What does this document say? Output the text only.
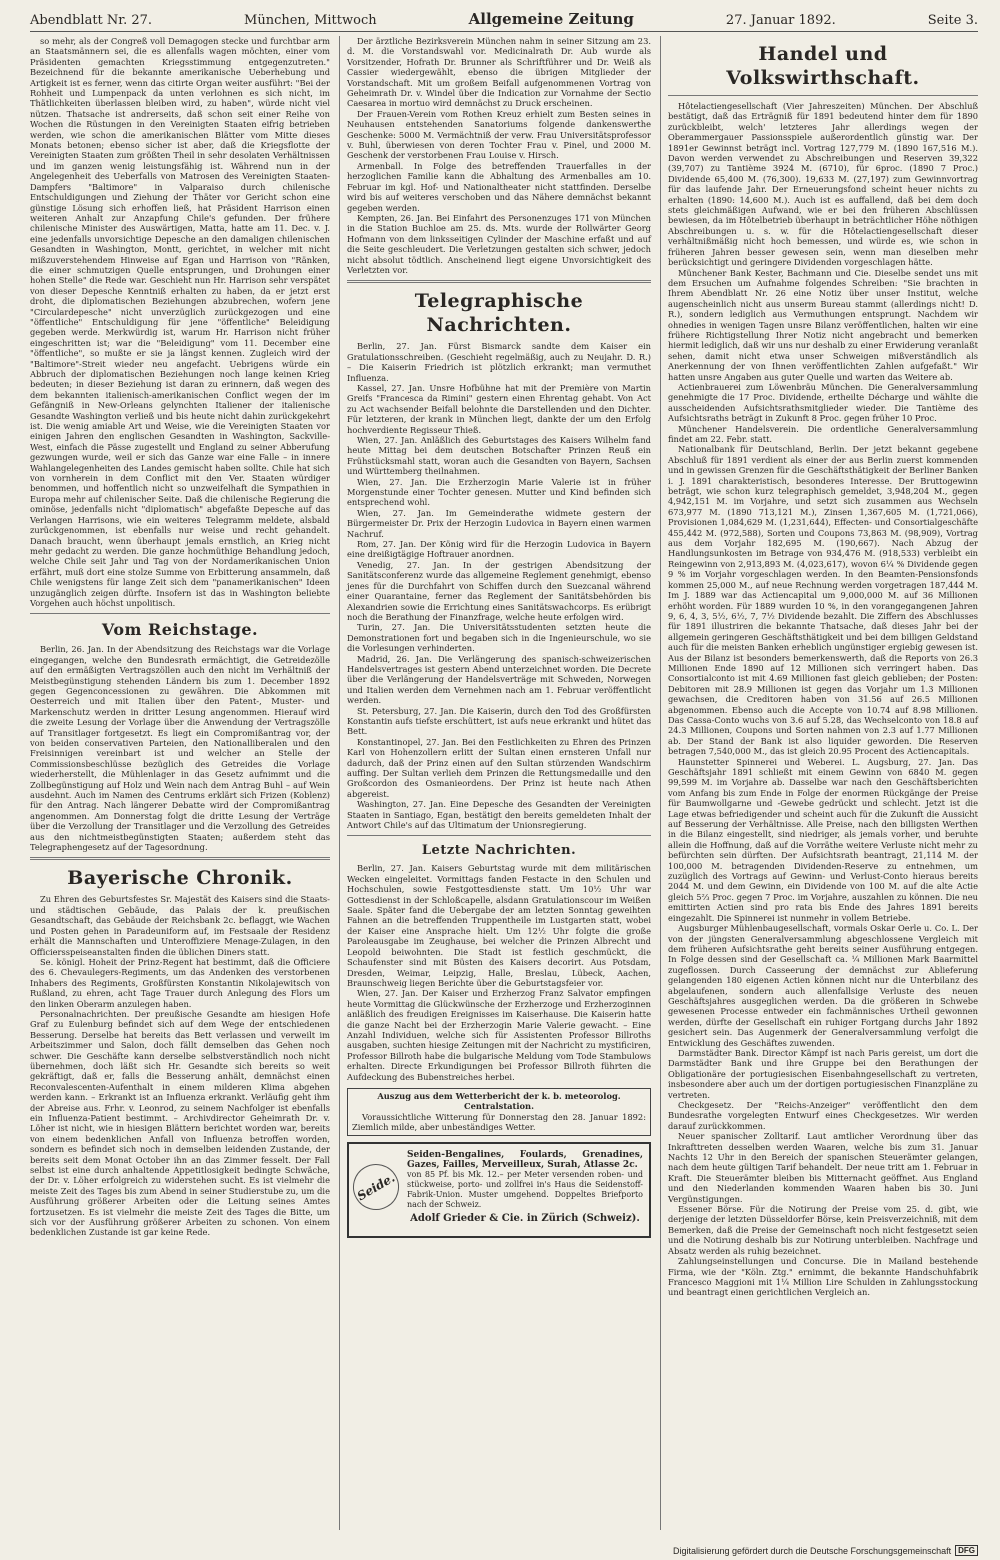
Abendblatt Nr. 27.	München, Mittwoch	Allgemeine Zeitung	27. Januar 1892.	Seite 3.

so mehr, als der Congreß voll Demagogen stecke und furchtbar arm an Staatsmännern sei, die es allenfalls wagen möchten, einer vom Präsidenten gemachten Kriegsstimmung entgegenzutreten." Bezeichnend für die bekannte amerikanische Ueberhebung und Artigkeit ist es ferner, wenn das citirte Organ weiter ausführt: "Bei der Rohheit und Lumpenpack da unten verlohnen es sich nicht, im Thätlichkeiten überlassen bleiben wird, zu haben", würde nicht viel nützen. Thatsache ist andrerseits, daß schon seit einer Reihe von Wochen die Rüstungen in den Vereinigten Staaten eifrig betrieben werden, wie schon die amerikanischen Blätter vom Mitte dieses Monats betonen; ebenso sicher ist aber, daß die Kriegsflotte der Vereinigten Staaten zum größten Theil in sehr desolaten Verhältnissen und im ganzen wenig leistungsfähig ist. Während nun in der Angelegenheit des Ueberfalls von Matrosen des Vereinigten Staaten-Dampfers "Baltimore" in Valparaiso durch chilenische Entschuldigungen und Ziehung der Thäter vor Gericht schon eine günstige Lösung sich erhoffen ließ, hat Präsident Harrison einen weiteren Anhalt zur Anzapfung Chile's gefunden. Der frühere chilenische Minister des Auswärtigen, Matta, hatte am 11. Dec. v. J. eine jedenfalls unvorsichtige Depesche an den damaligen chilenischen Gesandten in Washington, Montt, gerichtet, in welcher mit nicht mißzuverstehendem Hinweise auf Egan und Harrison von "Ränken, die einer schmutzigen Quelle entsprungen, und Drohungen einer hohen Stelle" die Rede war. Geschieht nun Hr. Harrison sehr verspätet von dieser Depesche Kenntniß erhalten zu haben, da er jetzt erst droht, die diplomatischen Beziehungen abzubrechen, wofern jene "Circulardepesche" nicht unverzüglich zurückgezogen und eine "öffentliche" Entschuldigung für jene "öffentliche" Beleidigung gegeben werde. Merkwürdig ist, warum Hr. Harrison nicht früher eingeschritten ist; war die "Beleidigung" vom 11. December eine "öffentliche", so mußte er sie ja längst kennen. Zugleich wird der "Baltimore"-Streit wieder neu angefacht. Uebrigens würde ein Abbruch der diplomatischen Beziehungen noch lange keinen Krieg bedeuten; in dieser Beziehung ist daran zu erinnern, daß wegen des dem bekannten italienisch-amerikanischen Conflict wegen der im Gefängniß in New-Orleans gelynchten Italiener der italienische Gesandte Washington verließ und bis heute nicht dahin zurückgekehrt ist. Die wenig amiable Art und Weise, wie die Vereinigten Staaten vor einigen Jahren den englischen Gesandten in Washington, Sackville-West, einfach die Pässe zugestellt und England zu seiner Abberufung gezwungen wurde, weil er sich das Ganze war eine Falle – in innere Wahlangelegenheiten des Landes gemischt haben sollte. Chile hat sich von vornherein in dem Conflict mit den Ver. Staaten würdiger benommen, und hoffentlich nicht so unzweifelhaft die Sympathien in Europa mehr auf chilenischer Seite. Daß die chilenische Regierung die ominöse, jedenfalls nicht "diplomatisch" abgefaßte Depesche auf das Verlangen Harrisons, wie ein weiteres Telegramm meldete, alsbald zurückgenommen, ist ebenfalls nur weise und recht gehandelt. Danach braucht, wenn überhaupt jemals ernstlich, an Krieg nicht mehr gedacht zu werden. Die ganze hochmüthige Behandlung jedoch, welche Chile seit Jahr und Tag von der Nordamerikanischen Union erfährt, muß dort eine stolze Summe von Erbitterung ansammeln, daß Chile wenigstens für lange Zeit sich dem "panamerikanischen" Ideen unzugänglich zeigen dürfte. Insofern ist das in Washington beliebte Vorgehen auch höchst unpolitisch.

Vom Reichstage.

Berlin, 26. Jan. In der Abendsitzung des Reichstags war die Vorlage eingegangen, welche den Bundesrath ermächtigt, die Getreidezölle auf den ermäßigten Vertragszöllen auch den nicht im Verhältniß der Meistbegünstigung stehenden Ländern bis zum 1. December 1892 gegen Gegenconcessionen zu gewähren. Die Abkommen mit Oesterreich und mit Italien über den Patent-, Muster- und Markenschutz werden in dritter Lesung angenommen. Hierauf wird die zweite Lesung der Vorlage über die Anwendung der Vertragszölle auf Transitlager fortgesetzt. Es liegt ein Compromißantrag vor, der von beiden conservativen Parteien, den Nationalliberalen und den Freisinnigen vereinbart ist und welcher an Stelle der Commissionsbeschlüsse bezüglich des Getreides die Vorlage wiederherstellt, die Mühlenlager in das Gesetz aufnimmt und die Zollbegünstigung auf Holz und Wein nach dem Antrag Buhl – auf Wein ausdehnt. Auch im Namen des Centrums erklärt sich Frizen (Koblenz) für den Antrag. Nach längerer Debatte wird der Compromißantrag angenommen. Am Donnerstag folgt die dritte Lesung der Verträge über die Verzollung der Transitlager und die Verzollung des Getreides aus den nichtmeistbegünstigten Staaten; außerdem steht das Telegraphengesetz auf der Tagesordnung.

Bayerische Chronik.

Zu Ehren des Geburtsfestes Sr. Majestät des Kaisers sind die Staats- und städtischen Gebäude, das Palais der k. preußischen Gesandtschaft, das Gebäude der Reichsbank 2c. beflaggt, wie Wachen und Posten gehen in Paradeuniform auf, im Festsaale der Residenz erhält die Mannschaften und Unteroffiziere Menage-Zulagen, in den Officiersspeiseanstalten finden die üblichen Diners statt.

Se. königl. Hoheit der Prinz-Regent hat bestimmt, daß die Officiere des 6. Chevaulegers-Regiments, um das Andenken des verstorbenen Inhabers des Regiments, Großfürsten Konstantin Nikolajewitsch von Rußland, zu ehren, acht Tage Trauer durch Anlegung des Flors um den linken Oberarm anzulegen haben.

Personalnachrichten. Der preußische Gesandte am hiesigen Hofe Graf zu Eulenburg befindet sich auf dem Wege der entschiedenen Besserung. Derselbe hat bereits das Bett verlassen und verweilt im Arbeitszimmer und Salon, doch fällt demselben das Gehen noch schwer. Die Geschäfte kann derselbe selbstverständlich noch nicht übernehmen, doch läßt sich Hr. Gesandte sich bereits so weit gekräftigt, daß er, falls die Besserung anhält, demnächst einen Reconvalescenten-Aufenthalt in einem milderen Klima abgehen werden kann. – Erkrankt ist an Influenza erkrankt. Verläufig geht ihm der Abreise aus. Frhr. v. Leonrod, zu seinem Nachfolger ist ebenfalls ein Influenza-Patient bestimmt. – Archivdirector Geheimrath Dr. v. Löher ist nicht, wie in hiesigen Blättern berichtet worden war, bereits von einem bedenklichen Anfall von Influenza betroffen worden, sondern es befindet sich noch in demselben leidenden Zustande, der bereits seit dem Monat October ihn an das Zimmer fesselt. Der Fall selbst ist eine durch anhaltende Appetitlosigkeit bedingte Schwäche, der Dr. v. Löher erfolgreich zu widerstehen sucht. Es ist vielmehr die meiste Zeit des Tages bis zum Abend in seiner Studierstube zu, um die Ausführung größerer Arbeiten oder die Leitung seines Amtes fortzusetzen. Es ist vielmehr die meiste Zeit des Tages die Bitte, um sich vor der Ausführung größerer Arbeiten zu schonen. Von einem bedenklichen Zustande ist gar keine Rede.

Der ärztliche Bezirksverein München nahm in seiner Sitzung am 23. d. M. die Vorstandswahl vor. Medicinalrath Dr. Aub wurde als Vorsitzender, Hofrath Dr. Brunner als Schriftführer und Dr. Weiß als Cassier wiedergewählt, ebenso die übrigen Mitglieder der Vorstandschaft. Mit um großem Beifall aufgenommenen Vortrag von Geheimrath Dr. v. Windel über die Indication zur Vornahme der Sectio Caesarea in mortuo wird demnächst zu Druck erscheinen.

Der Frauen-Verein vom Rothen Kreuz erhielt zum Besten seines in Neuhausen entstehenden Sanatoriums folgende dankenswerthe Geschenke: 5000 M. Vermächtniß der verw. Frau Universitätsprofessor v. Buhl, überwiesen von deren Tochter Frau v. Pinel, und 2000 M. Geschenk der verstorbenen Frau Louise v. Hirsch.

Armenball. In Folge des betreffenden Trauerfalles in der herzoglichen Familie kann die Abhaltung des Armenballes am 10. Februar im kgl. Hof- und Nationaltheater nicht stattfinden. Derselbe wird bis auf weiteres verschoben und das Nähere demnächst bekannt gegeben werden.

Kempten, 26. Jan. Bei Einfahrt des Personenzuges 171 von München in die Station Buchloe am 25. ds. Mts. wurde der Rollwärter Georg Hofmann von dem linksseitigen Cylinder der Maschine erfaßt und auf die Seite geschleudert. Die Verletzungen gestalten sich schwer, jedoch nicht absolut tödtlich. Anscheinend liegt eigene Unvorsichtigkeit des Verletzten vor.

Telegraphische Nachrichten.

Berlin, 27. Jan. Fürst Bismarck sandte dem Kaiser ein Gratulationsschreiben. (Geschieht regelmäßig, auch zu Neujahr. D. R.) – Die Kaiserin Friedrich ist plötzlich erkrankt; man vermuthet Influenza.

Kassel, 27. Jan. Unsre Hofbühne hat mit der Première von Martin Greifs "Francesca da Rimini" gestern einen Ehrentag gehabt. Von Act zu Act wachsender Beifall belohnte die Darstellenden und den Dichter. Für letzteren, der krank in München liegt, dankte der um den Erfolg hochverdiente Regisseur Thieß.

Wien, 27. Jan. Anläßlich des Geburtstages des Kaisers Wilhelm fand heute Mittag bei dem deutschen Botschafter Prinzen Reuß ein Frühstücksmahl statt, woran auch die Gesandten von Bayern, Sachsen und Württemberg theilnahmen.

Wien, 27. Jan. Die Erzherzogin Marie Valerie ist in früher Morgenstunde einer Tochter genesen. Mutter und Kind befinden sich entsprechend wohl.

Wien, 27. Jan. Im Gemeinderathe widmete gestern der Bürgermeister Dr. Prix der Herzogin Ludovica in Bayern einen warmen Nachruf.

Rom, 27. Jan. Der König wird für die Herzogin Ludovica in Bayern eine dreißigtägige Hoftrauer anordnen.

Venedig, 27. Jan. In der gestrigen Abendsitzung der Sanitätsconferenz wurde das allgemeine Reglement genehmigt, ebenso jenes für die Durchfahrt von Schiffen durch den Suezcanal während einer Quarantaine, ferner das Reglement der Sanitätsbehörden bis Alexandrien sowie die Errichtung eines Sanitätswachcorps. Es erübrigt noch die Berathung der Finanzfrage, welche heute erfolgen wird.

Turin, 27. Jan. Die Universitätsstudenten setzten heute die Demonstrationen fort und begaben sich in die Ingenieurschule, wo sie die Vorlesungen verhinderten.

Madrid, 26. Jan. Die Verlängerung des spanisch-schweizerischen Handelsvertrages ist gestern Abend unterzeichnet worden. Die Decrete über die Verlängerung der Handelsverträge mit Schweden, Norwegen und Italien werden dem Vernehmen nach am 1. Februar veröffentlicht werden.

St. Petersburg, 27. Jan. Die Kaiserin, durch den Tod des Großfürsten Konstantin aufs tiefste erschüttert, ist aufs neue erkrankt und hütet das Bett.

Konstantinopel, 27. Jan. Bei den Festlichkeiten zu Ehren des Prinzen Karl von Hohenzollern erlitt der Sultan einen ernsteren Unfall nur dadurch, daß der Prinz einen auf den Sultan stürzenden Wandschirm auffing. Der Sultan verlieh dem Prinzen die Rettungsmedaille und den Großcordon des Osmanieordens. Der Prinz ist heute nach Athen abgereist.

Washington, 27. Jan. Eine Depesche des Gesandten der Vereinigten Staaten in Santiago, Egan, bestätigt den bereits gemeldeten Inhalt der Antwort Chile's auf das Ultimatum der Unionsregierung.

Letzte Nachrichten.

Berlin, 27. Jan. Kaisers Geburtstag wurde mit dem militärischen Wecken eingeleitet. Vormittags fanden Festacte in den Schulen und Hochschulen, sowie Festgottesdienste statt. Um 10½ Uhr war Gottesdienst in der Schloßcapelle, alsdann Gratulationscour im Weißen Saale. Später fand die Uebergabe der am letzten Sonntag geweihten Fahnen an die betreffenden Truppentheile im Lustgarten statt, wobei der Kaiser eine Ansprache hielt. Um 12½ Uhr folgte die große Paroleausgabe im Zeughause, bei welcher die Prinzen Albrecht und Leopold beiwohnten. Die Stadt ist festlich geschmückt, die Schaufenster sind mit Büsten des Kaisers decorirt. Aus Potsdam, Dresden, Weimar, Leipzig, Halle, Breslau, Lübeck, Aachen, Braunschweig liegen Berichte über die Geburtstagsfeier vor.

Wien, 27. Jan. Der Kaiser und Erzherzog Franz Salvator empfingen heute Vormittag die Glückwünsche der Erzherzoge und Erzherzoginnen anläßlich des freudigen Ereignisses im Kaiserhause. Die Kaiserin hatte die ganze Nacht bei der Erzherzogin Marie Valerie gewacht. – Eine Anzahl Individuen, welche sich für Assistenten Professor Billroths ausgaben, suchten hiesige Zeitungen mit der Nachricht zu mystificiren, Professor Billroth habe die bulgarische Meldung vom Tode Stambulows erhalten. Directe Erkundigungen bei Professor Billroth führten die Aufdeckung des Bubenstreiches herbei.

Auszug aus dem Wetterbericht der k. b. meteorolog. Centralstation.

Voraussichtliche Witterung für Donnerstag den 28. Januar 1892: Ziemlich milde, aber unbeständiges Wetter.

Seide.
Seiden-Bengalines, Foulards, Grenadines, Gazes, Failles, Merveilleux, Surah, Atlasse 2c.
von 85 Pf. bis Mk. 12.– per Meter versenden roben- und stückweise, porto- und zollfrei in's Haus die Seidenstoff-Fabrik-Union. Muster umgehend. Doppeltes Briefporto nach der Schweiz.
Adolf Grieder & Cie. in Zürich (Schweiz).
Handel und Volkswirthschaft.

Hôtelactiengesellschaft (Vier Jahreszeiten) München. Der Abschluß bestätigt, daß das Erträgniß für 1891 bedeutend hinter dem für 1890 zurückbleibt, welch' letzteres Jahr allerdings wegen der Oberammergauer Passionsspiele außerordentlich günstig war. Der 1891er Gewinnst beträgt incl. Vortrag 127,779 M. (1890 167,516 M.). Davon werden verwendet zu Abschreibungen und Reserven 39,322 (39,707) zu Tantième 3924 M. (6710), für 6proc. (1890 7 Proc.) Dividende 65,400 M. (76,300). 19,633 M. (27,197) zum Gewinnvortrag für das laufende Jahr. Der Erneuerungsfond scheint heuer nichts zu erhalten (1890: 14,600 M.). Auch ist es auffallend, daß bei dem doch stets gleichmäßigen Aufwand, wie er bei den früheren Abschlüssen bewiesen, da im Hôtelbetrieb überhaupt in beträchtlicher Höhe nöthigen Abschreibungen u. s. w. für die Hôtelactiengesellschaft dieser verhältnißmäßig nicht hoch bemessen, und würde es, wie schon in früheren Jahren besser gewesen sein, wenn man dieselben mehr berücksichtigt und geringere Dividenden vorgeschlagen hätte.

Münchener Bank Kester, Bachmann und Cie. Dieselbe sendet uns mit dem Ersuchen um Aufnahme folgendes Schreiben: "Sie brachten in Ihrem Abendblatt Nr. 26 eine Notiz über unser Institut, welche augenscheinlich nicht aus unserm Bureau stammt (allerdings nicht! D. R.), sondern lediglich aus Vermuthungen entsprungt. Nachdem wir ohnedies in wenigen Tagen unsre Bilanz veröffentlichen, halten wir eine frühere Richtigstellung Ihrer Notiz nicht angebracht und bemerken hiermit lediglich, daß wir uns nur deshalb zu einer Erwiderung veranlaßt sehen, damit nicht etwa unser Schweigen mißverständlich als Anerkennung der von Ihnen veröffentlichten Zahlen aufgefaßt." Wir hatten unsre Angaben aus guter Quelle und warten das Weitere ab.

Actienbrauerei zum Löwenbräu München. Die Generalversammlung genehmigte die 17 Proc. Dividende, ertheilte Décharge und wählte die ausscheidenden Aufsichtsrathsmitglieder wieder. Die Tantième des Aufsichtsraths beträgt in Zukunft 8 Proc. gegen früher 10 Proc.

Münchener Handelsverein. Die ordentliche Generalversammlung findet am 22. Febr. statt.

Nationalbank für Deutschland, Berlin. Der jetzt bekannt gegebene Abschluß für 1891 verdient als einer der aus Berlin zuerst kommenden und in gewissen Grenzen für die Geschäftsthätigkeit der Berliner Banken i. J. 1891 charakteristisch, besonderes Interesse. Der Bruttogewinn beträgt, wie schon kurz telegraphisch gemeldet, 3,948,204 M., gegen 4,942,151 M. im Vorjahre, und setzt sich zusammen aus Wechseln 673,977 M. (1890 713,121 M.), Zinsen 1,367,605 M. (1,721,066), Provisionen 1,084,629 M. (1,231,644), Effecten- und Consortialgeschäfte 455,442 M. (972,588), Sorten und Coupons 73,863 M. (98,909), Vortrag aus dem Vorjahr 182,695 M. (190,667). Nach Abzug der Handlungsunkosten im Betrage von 934,476 M. (918,533) verbleibt ein Reingewinn von 2,913,893 M. (4,023,617), wovon 6¼ % Dividende gegen 9 % im Vorjahr vorgeschlagen werden. In den Beamten-Pensionsfonds kommen 25,000 M., auf neue Rechnung werden vorgetragen 187,444 M. Im J. 1889 war das Actiencapital um 9,000,000 M. auf 36 Millionen erhöht worden. Für 1889 wurden 10 %, in den vorangegangenen Jahren 9, 6, 4, 3, 5½, 6½, 7, 7½ Dividende bezahlt. Die Ziffern des Abschlusses für 1891 illustriren die bekannte Thatsache, daß dieses Jahr bei der allgemein geringeren Geschäftsthätigkeit und bei dem billigen Geldstand auch für die meisten Banken erheblich ungünstiger ergiebig gewesen ist. Aus der Bilanz ist besonders bemerkenswerth, daß die Reports von 26.3 Millionen Ende 1890 auf 12 Millionen sich verringert haben. Das Consortialconto ist mit 4.69 Millionen fast gleich geblieben; der Posten: Debitoren mit 28.9 Millionen ist gegen das Vorjahr um 1.3 Millionen gewachsen, die Creditoren haben von 31.56 auf 26.5 Millionen abgenommen. Ebenso auch die Accepte von 10.74 auf 8.98 Millionen. Das Cassa-Conto wuchs von 3.6 auf 5.28, das Wechselconto von 18.8 auf 24.3 Millionen, Coupons und Sorten nahmen von 2.3 auf 1.77 Millionen ab. Der Stand der Bank ist also liquider geworden. Die Reserven betragen 7,540,000 M., das ist gleich 20.95 Procent des Actiencapitals.

Haunstetter Spinnerei und Weberei. L. Augsburg, 27. Jan. Das Geschäftsjahr 1891 schließt mit einem Gewinn von 6840 M. gegen 99,599 M. im Vorjahre ab. Dasselbe war nach den Geschäftsberichten vom Anfang bis zum Ende in Folge der enormen Rückgänge der Preise für Baumwollgarne und -Gewebe gedrückt und schlecht. Jetzt ist die Lage etwas befriedigender und scheint auch für die Zukunft die Aussicht auf Besserung der Verhältnisse. Alle Preise, nach den billigsten Werthen in die Bilanz eingestellt, sind niedriger, als jemals vorher, und beruhte allein die Hoffnung, daß auf die Vorräthe weitere Verluste nicht mehr zu befürchten sein dürften. Der Aufsichtsrath beantragt, 21,114 M. der 100,000 M. betragenden Dividenden-Reserve zu entnehmen, um zuzüglich des Vortrags auf Gewinn- und Verlust-Conto hieraus bereits 2044 M. und dem Gewinn, ein Dividende von 100 M. auf die alte Actie gleich 5⅔ Proc. gegen 7 Proc. im Vorjahre, auszahlen zu können. Die neu emittirten Actien sind pro rata bis Ende des Jahres 1891 bereits eingezahlt. Die Spinnerei ist nunmehr in vollem Betriebe.

Augsburger Mühlenbaugesellschaft, vormals Oskar Oerle u. Co. L. Der von der jüngsten Generalversammlung abgeschlossene Vergleich mit dem früheren Aufsichtsrathe geht bereits seiner Ausführung entgegen. In Folge dessen sind der Gesellschaft ca. ¼ Millionen Mark Baarmittel zugeflossen. Durch Casseerung der demnächst zur Ablieferung gelangenden 180 eigenen Actien können nicht nur die Unterbilanz des abgelaufenen, sondern auch allenfallsige Verluste des neuen Geschäftsjahres ausgeglichen werden. Da die größeren in Schwebe gewesenen Processe entweder ein fachmännisches Urtheil gewonnen werden, dürfte der Gesellschaft ein ruhiger Fortgang durchs Jahr 1892 gesichert sein. Das Augenmerk der Generalversammlung verfolgt die Entwicklung des Geschäftes zuwenden.

Darmstädter Bank. Director Kämpf ist nach Paris gereist, um dort die Darmstädter Bank und ihre Gruppe bei den Berathungen der Obligationäre der portugiesischen Eisenbahngesellschaft zu vertreten, insbesondere aber auch um der dortigen portugiesischen Finanzpläne zu vertreten.

Checkgesetz. Der "Reichs-Anzeiger" veröffentlicht den dem Bundesrathe vorgelegten Entwurf eines Checkgesetzes. Wir werden darauf zurückkommen.

Neuer spanischer Zolltarif. Laut amtlicher Verordnung über das Inkrafttreten desselben werden Waaren, welche bis zum 31. Januar Nachts 12 Uhr in den Bereich der spanischen Steuerämter gelangen, nach dem heute gültigen Tarif behandelt. Der neue tritt am 1. Februar in Kraft. Die Steuerämter bleiben bis Mitternacht geöffnet. Aus England und den Niederlanden kommenden Waaren haben bis 30. Juni Vergünstigungen.

Essener Börse. Für die Notirung der Preise vom 25. d. gibt, wie derjenige der letzten Düsseldorfer Börse, kein Preisverzeichniß, mit dem Bemerken, daß die Preise der Gemeinschaft noch nicht festgesetzt seien und die Notirung deshalb bis zur Notirung unterbleiben. Nachfrage und Absatz werden als ruhig bezeichnet.

Zahlungseinstellungen und Concurse. Die in Mailand bestehende Firma, wie der "Köln. Ztg." ernimmt, die bekannte Handschuhfabrik Francesco Maggioni mit 1¼ Million Lire Schulden in Zahlungsstockung und beantragt einen gerichtlichen Vergleich an.

Digitalisierung gefördert durch die Deutsche Forschungsgemeinschaft DFG
